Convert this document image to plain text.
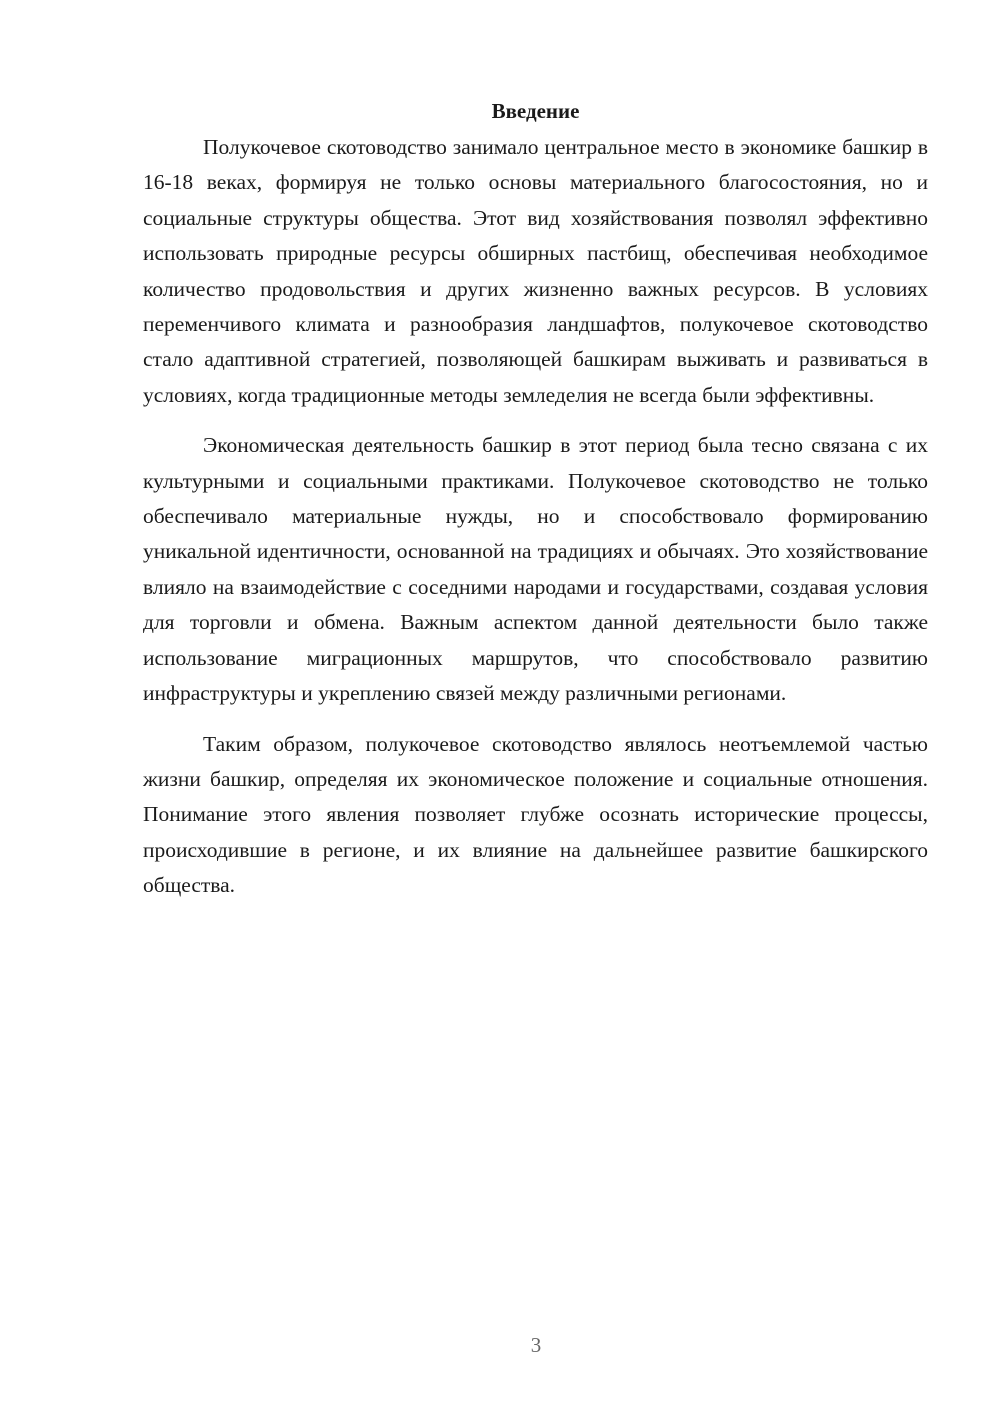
Введение

Полукочевое скотоводство занимало центральное место в экономике башкир в 16-18 веках, формируя не только основы материального благосостояния, но и социальные структуры общества. Этот вид хозяйствования позволял эффективно использовать природные ресурсы обширных пастбищ, обеспечивая необходимое количество продовольствия и других жизненно важных ресурсов. В условиях переменчивого климата и разнообразия ландшафтов, полукочевое скотоводство стало адаптивной стратегией, позволяющей башкирам выживать и развиваться в условиях, когда традиционные методы земледелия не всегда были эффективны.

Экономическая деятельность башкир в этот период была тесно связана с их культурными и социальными практиками. Полукочевое скотоводство не только обеспечивало материальные нужды, но и способствовало формированию уникальной идентичности, основанной на традициях и обычаях. Это хозяйствование влияло на взаимодействие с соседними народами и государствами, создавая условия для торговли и обмена. Важным аспектом данной деятельности было также использование миграционных маршрутов, что способствовало развитию инфраструктуры и укреплению связей между различными регионами.

Таким образом, полукочевое скотоводство являлось неотъемлемой частью жизни башкир, определяя их экономическое положение и социальные отношения. Понимание этого явления позволяет глубже осознать исторические процессы, происходившие в регионе, и их влияние на дальнейшее развитие башкирского общества.

3
